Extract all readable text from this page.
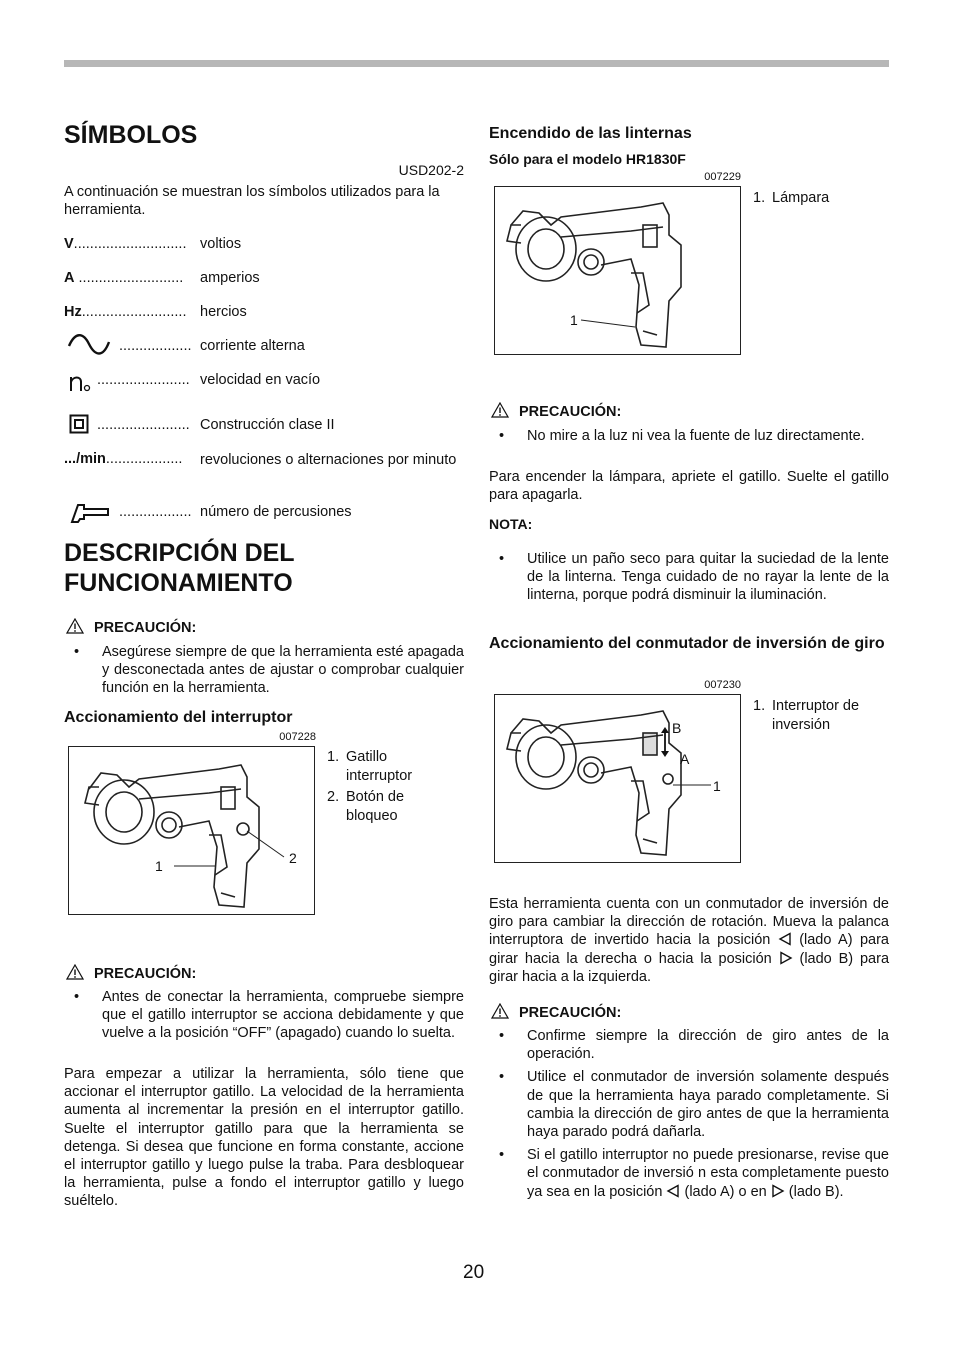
SÍMBOLOS
USD202-2
A continuación se muestran los símbolos utilizados para la herramienta.
V............................ voltios
A .......................... amperios
Hz.......................... hercios
.................. corriente alterna
....................... velocidad en vacío
....................... Construcción clase II
.../min................... revoluciones o alternaciones por minuto
.................. número de percusiones
DESCRIPCIÓN DEL
FUNCIONAMIENTO
PRECAUCIÓN:
• Asegúrese siempre de que la herramienta esté apagada y desconectada antes de ajustar o comprobar cualquier función en la herramienta.
Accionamiento del interruptor
007228
1	2
1. Gatillo interruptor
2. Botón de bloqueo
PRECAUCIÓN:
• Antes de conectar la herramienta, compruebe siempre que el gatillo interruptor se acciona debidamente y que vuelve a la posición “OFF” (apagado) cuando lo suelta.
Para empezar a utilizar la herramienta, sólo tiene que accionar el interruptor gatillo. La velocidad de la herramienta aumenta al incrementar la presión en el interruptor gatillo. Suelte el interruptor gatillo para que la herramienta se detenga. Si desea que funcione en forma constante, accione el interruptor gatillo y luego pulse la traba. Para desbloquear la herramienta, pulse a fondo el interruptor gatillo y luego suéltelo.
Encendido de las linternas
Sólo para el modelo HR1830F
007229
1
1. Lámpara
PRECAUCIÓN:
• No mire a la luz ni vea la fuente de luz directamente.
Para encender la lámpara, apriete el gatillo. Suelte el gatillo para apagarla.
NOTA:
• Utilice un paño seco para quitar la suciedad de la lente de la linterna. Tenga cuidado de no rayar la lente de la linterna, porque podrá disminuir la iluminación.
Accionamiento del conmutador de inversión de giro
007230
B
A
1
1. Interruptor de inversión
Esta herramienta cuenta con un conmutador de inversión de giro para cambiar la dirección de rotación. Mueva la palanca interruptora de invertido hacia la posición (lado A) para girar hacia la derecha o hacia la posición (lado B) para girar hacia a la izquierda.
PRECAUCIÓN:
• Confirme siempre la dirección de giro antes de la operación.
• Utilice el conmutador de inversión solamente después de que la herramienta haya parado completamente. Si cambia la dirección de giro antes de que la herramienta haya parado podrá dañarla.
• Si el gatillo interruptor no puede presionarse, revise que el conmutador de inversió n esta completamente puesto ya sea en la posición (lado A) o en (lado B).
20
